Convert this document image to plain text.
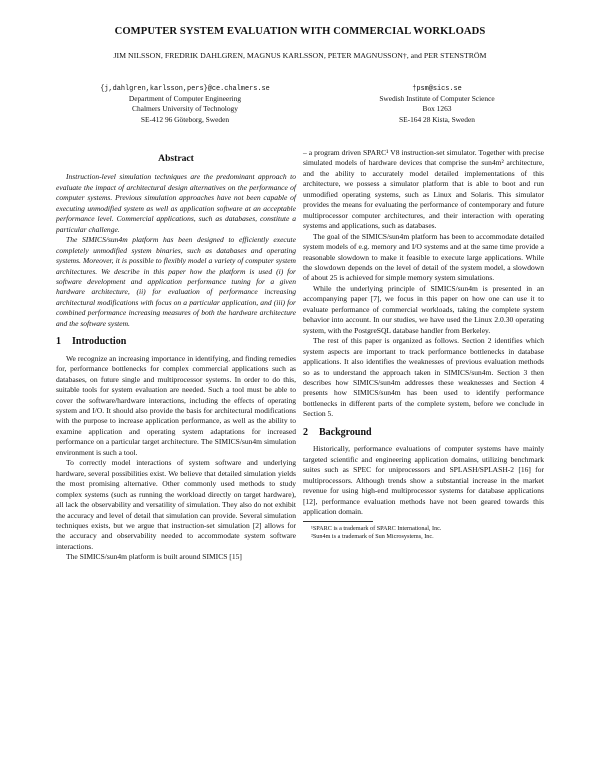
COMPUTER SYSTEM EVALUATION WITH COMMERCIAL WORKLOADS
JIM NILSSON, FREDRIK DAHLGREN, MAGNUS KARLSSON, PETER MAGNUSSON†, and PER STENSTRÖM
{j,dahlgren,karlsson,pers}@ce.chalmers.se
Department of Computer Engineering
Chalmers University of Technology
SE-412 96 Göteborg, Sweden
†psm@sics.se
Swedish Institute of Computer Science
Box 1263
SE-164 28 Kista, Sweden
Abstract

Instruction-level simulation techniques are the predominant approach to evaluate the impact of architectural design alternatives on the performance of computer systems. Previous simulation approaches have not been capable of executing unmodified system as well as application software at an acceptable performance level. Commercial applications, such as databases, constitute a particular challenge.

The SIMICS/sun4m platform has been designed to efficiently execute completely unmodified system binaries, such as databases and operating systems. Moreover, it is possible to flexibly model a variety of computer system architectures. We describe in this paper how the platform is used (i) for software development and application performance tuning for a given hardware architecture, (ii) for evaluation of performance increasing architectural modifications with focus on a particular application, and (iii) for combined performance increasing measures of both the hardware architecture and the software system.

1 Introduction

We recognize an increasing importance in identifying, and finding remedies for, performance bottlenecks for complex commercial applications such as databases, on future single and multiprocessor systems. In order to do this, suitable tools for system evaluation are needed. Such a tool must be able to cover the software/hardware interactions, including the effects of operating system and I/O. It should also provide the basis for architectural modifications with the purpose to increase application performance, as well as the ability to examine application and operating system adaptations for increased performance on a particular target architecture. The SIMICS/sun4m simulation environment is such a tool.

To correctly model interactions of system software and underlying hardware, several possibilities exist. We believe that detailed simulation yields the most promising alternative. Other commonly used methods to study complex systems (such as running the workload directly on target hardware), all lack the observability and versatility of simulation. They also do not exhibit the accuracy and level of detail that simulation can provide. Several simulation techniques exists, but we argue that instruction-set simulation [2] allows for the accuracy and observability needed to accommodate system software interactions.

The SIMICS/sun4m platform is built around SIMICS [15]

– a program driven SPARC¹ V8 instruction-set simulator. Together with precise simulated models of hardware devices that comprise the sun4m² architecture, and the ability to accurately model detailed implementations of this architecture, we possess a simulator platform that is able to boot and run unmodified operating systems, such as Linux and Solaris. This simulator provides the means for evaluating the performance of contemporary and future multiprocessor computer architectures, and their interaction with operating systems and applications, such as databases.

The goal of the SIMICS/sun4m platform has been to accommodate detailed system models of e.g. memory and I/O systems and at the same time provide a reasonable slowdown to make it feasible to execute large applications. While the slowdown depends on the level of detail of the system model, a slowdown of about 25 is achieved for simple memory system simulations.

While the underlying principle of SIMICS/sun4m is presented in an accompanying paper [7], we focus in this paper on how one can use it to evaluate performance of commercial workloads, taking the complete system behavior into account. In our studies, we have used the Linux 2.0.30 operating system, with the PostgreSQL database handler from Berkeley.

The rest of this paper is organized as follows. Section 2 identifies which system aspects are important to track performance bottlenecks in database applications. It also identifies the weaknesses of previous evaluation methods so as to understand the approach taken in SIMICS/sun4m. Section 3 then describes how SIMICS/sun4m addresses these weaknesses and Section 4 presents how SIMICS/sun4m has been used to identify performance bottlenecks in different parts of the complete system, before we conclude in Section 5.

2 Background

Historically, performance evaluations of computer systems have mainly targeted scientific and engineering application domains, utilizing benchmark suites such as SPEC for uniprocessors and SPLASH/SPLASH-2 [16] for multiprocessors. Although trends show a substantial increase in the market revenue for using high-end multiprocessor systems for database applications [12], performance evaluation methods have not been geared towards this application domain.

¹SPARC is a trademark of SPARC International, Inc.

²Sun4m is a trademark of Sun Microsystems, Inc.
